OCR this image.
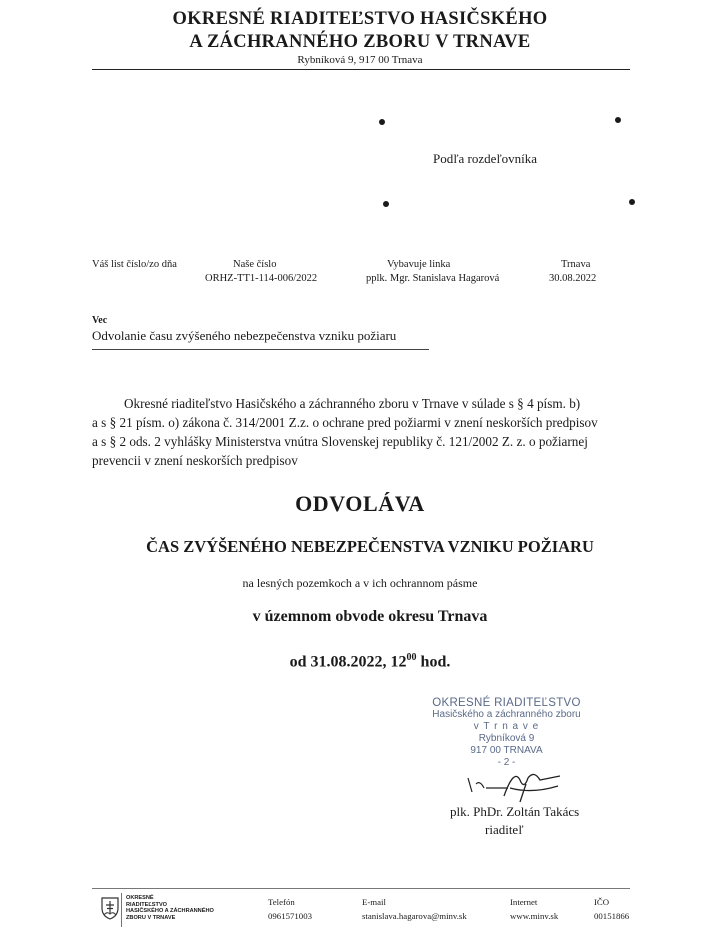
OKRESNÉ RIADITEĽSTVO HASIČSKÉHO
A ZÁCHRANNÉHO ZBORU V TRNAVE
Rybníková 9, 917 00 Trnava
Podľa rozdeľovníka
Váš list číslo/zo dňa	Naše číslo
ORHZ-TT1-114-006/2022
Vybavuje linka
pplk. Mgr. Stanislava Hagarová
Trnava
30.08.2022
Vec
Odvolanie času zvýšeného nebezpečenstva vzniku požiaru

Okresné riaditeľstvo Hasičského a záchranného zboru v Trnave v súlade s § 4 písm. b)

a s § 21 písm. o) zákona č. 314/2001 Z.z. o ochrane pred požiarmi v znení neskorších predpisov

a s § 2 ods. 2 vyhlášky Ministerstva vnútra Slovenskej republiky č. 121/2002 Z. z. o požiarnej

prevencii v znení neskorších predpisov

ODVOLÁVA
ČAS ZVÝŠENÉHO NEBEZPEČENSTVA VZNIKU POŽIARU
na lesných pozemkoch a v ich ochrannom pásme
v územnom obvode okresu Trnava
od 31.08.2022, $12^{00}$ hod.
OKRESNÉ RIADITEĽSTVO
Hasičského a záchranného zboru
v T r n a v e
Rybníková 9
917 00 TRNAVA
- 2 -
plk. PhDr. Zoltán Takács
riaditeľ
OKRESNÉ
RIADITEĽSTVO
HASIČSKÉHO A ZÁCHRANNÉHO
ZBORU V TRNAVE
Telefón
0961571003
E-mail
stanislava.hagarova@minv.sk
Internet
www.minv.sk
IČO
00151866
